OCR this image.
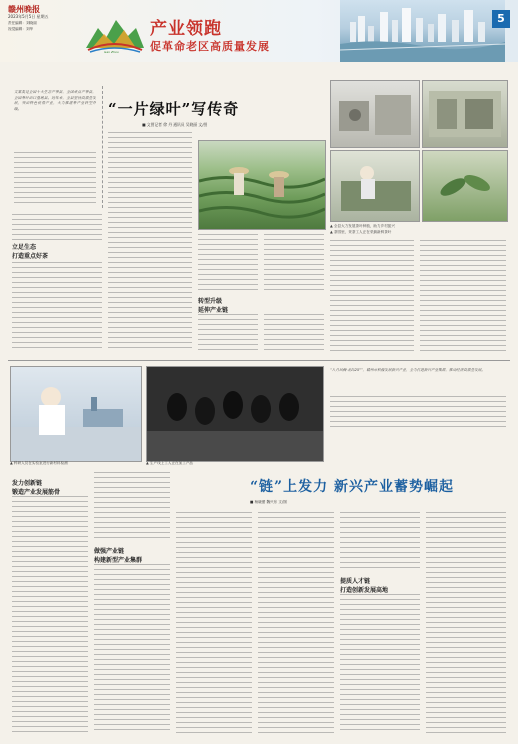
赣州晚报
2023年5月5日 星期五
责任编辑：刘晓丽
视觉编辑：刘华
Gan Zhou
产业领跑
促革命老区高质量发展
5
“一片绿叶”写传奇
■ 文图记者 徐 丹 通讯员 吴晓丽 文/图
文案类是全国十大生态产茶县，全国重点产茶县，全国茶叶出口基地县。近年来，全县坚持高质量发展，突出特色优势产业，大力推进茶产业转型升级。
立足生态
打造重点好茶
▲ 全县大力发展茶叶种植，助力乡村振兴
▲ 茶园里，采茶工人正在采摘新鲜茶叶
转型升级
延伸产业链
▲ 科研人员在实验室进行新材料检测
“八月风梅·北纬25°”，赣州市积极发展新兴产业，全力打造新兴产业集群，推动经济高质量发展。
“链”上发力 新兴产业蓄势崛起
■ 杨晓蕾 魏兴东 文/图
发力创新链
锻造产业发展筋骨
做强产业链
构建新型产业集群
提质人才链
打造创新发展高地
▲ 生产线上工人正在加工产品
